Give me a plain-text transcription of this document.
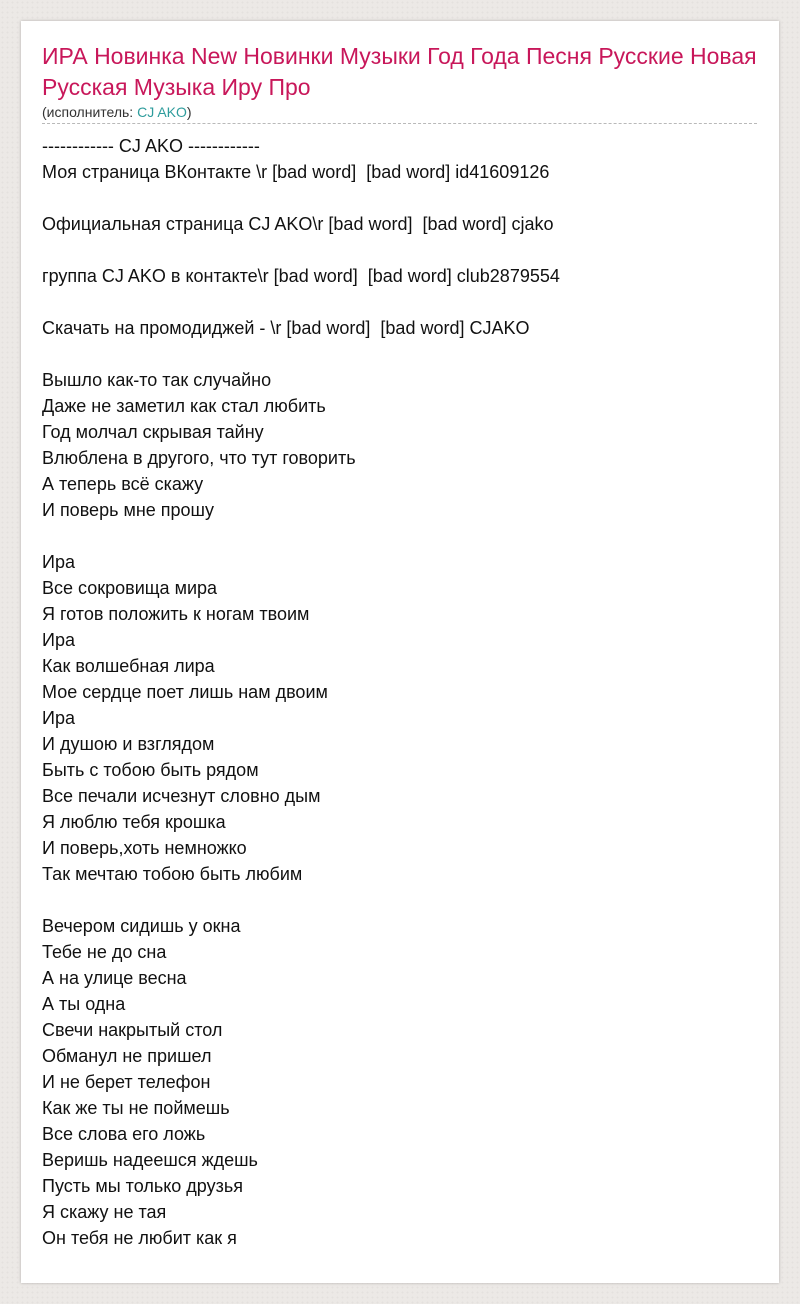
ИРА Новинка New Новинки Музыки Год Года Песня Русские Новая Русская Музыка Иру Про
(исполнитель: CJ AKO)
------------ CJ AKO ------------
Моя страница ВКонтакте \r [bad word]  [bad word] id41609126

Официальная страница CJ AKO\r [bad word]  [bad word] cjako

группа CJ AKO в контакте\r [bad word]  [bad word] club2879554

Скачать на промодиджей - \r [bad word]  [bad word] CJAKO

Вышло как-то так случайно
Даже не заметил как стал любить
Год молчал скрывая тайну
Влюблена в другого, что тут говорить
А теперь всё скажу
И поверь мне прошу

Ира
Все сокровища мира
Я готов положить к ногам твоим
Ира
Как волшебная лира
Мое сердце поет лишь нам двоим
Ира
И душою и взглядом
Быть с тобою быть рядом
Все печали исчезнут словно дым
Я люблю тебя крошка
И поверь,хоть немножко
Так мечтаю тобою быть любим

Вечером сидишь у окна
Тебе не до сна
А на улице весна
А ты одна
Свечи накрытый стол
Обманул не пришел
И не берет телефон
Как же ты не поймешь
Все слова его ложь
Веришь надеешся ждешь
Пусть мы только друзья
Я скажу не тая
Он тебя не любит как я
